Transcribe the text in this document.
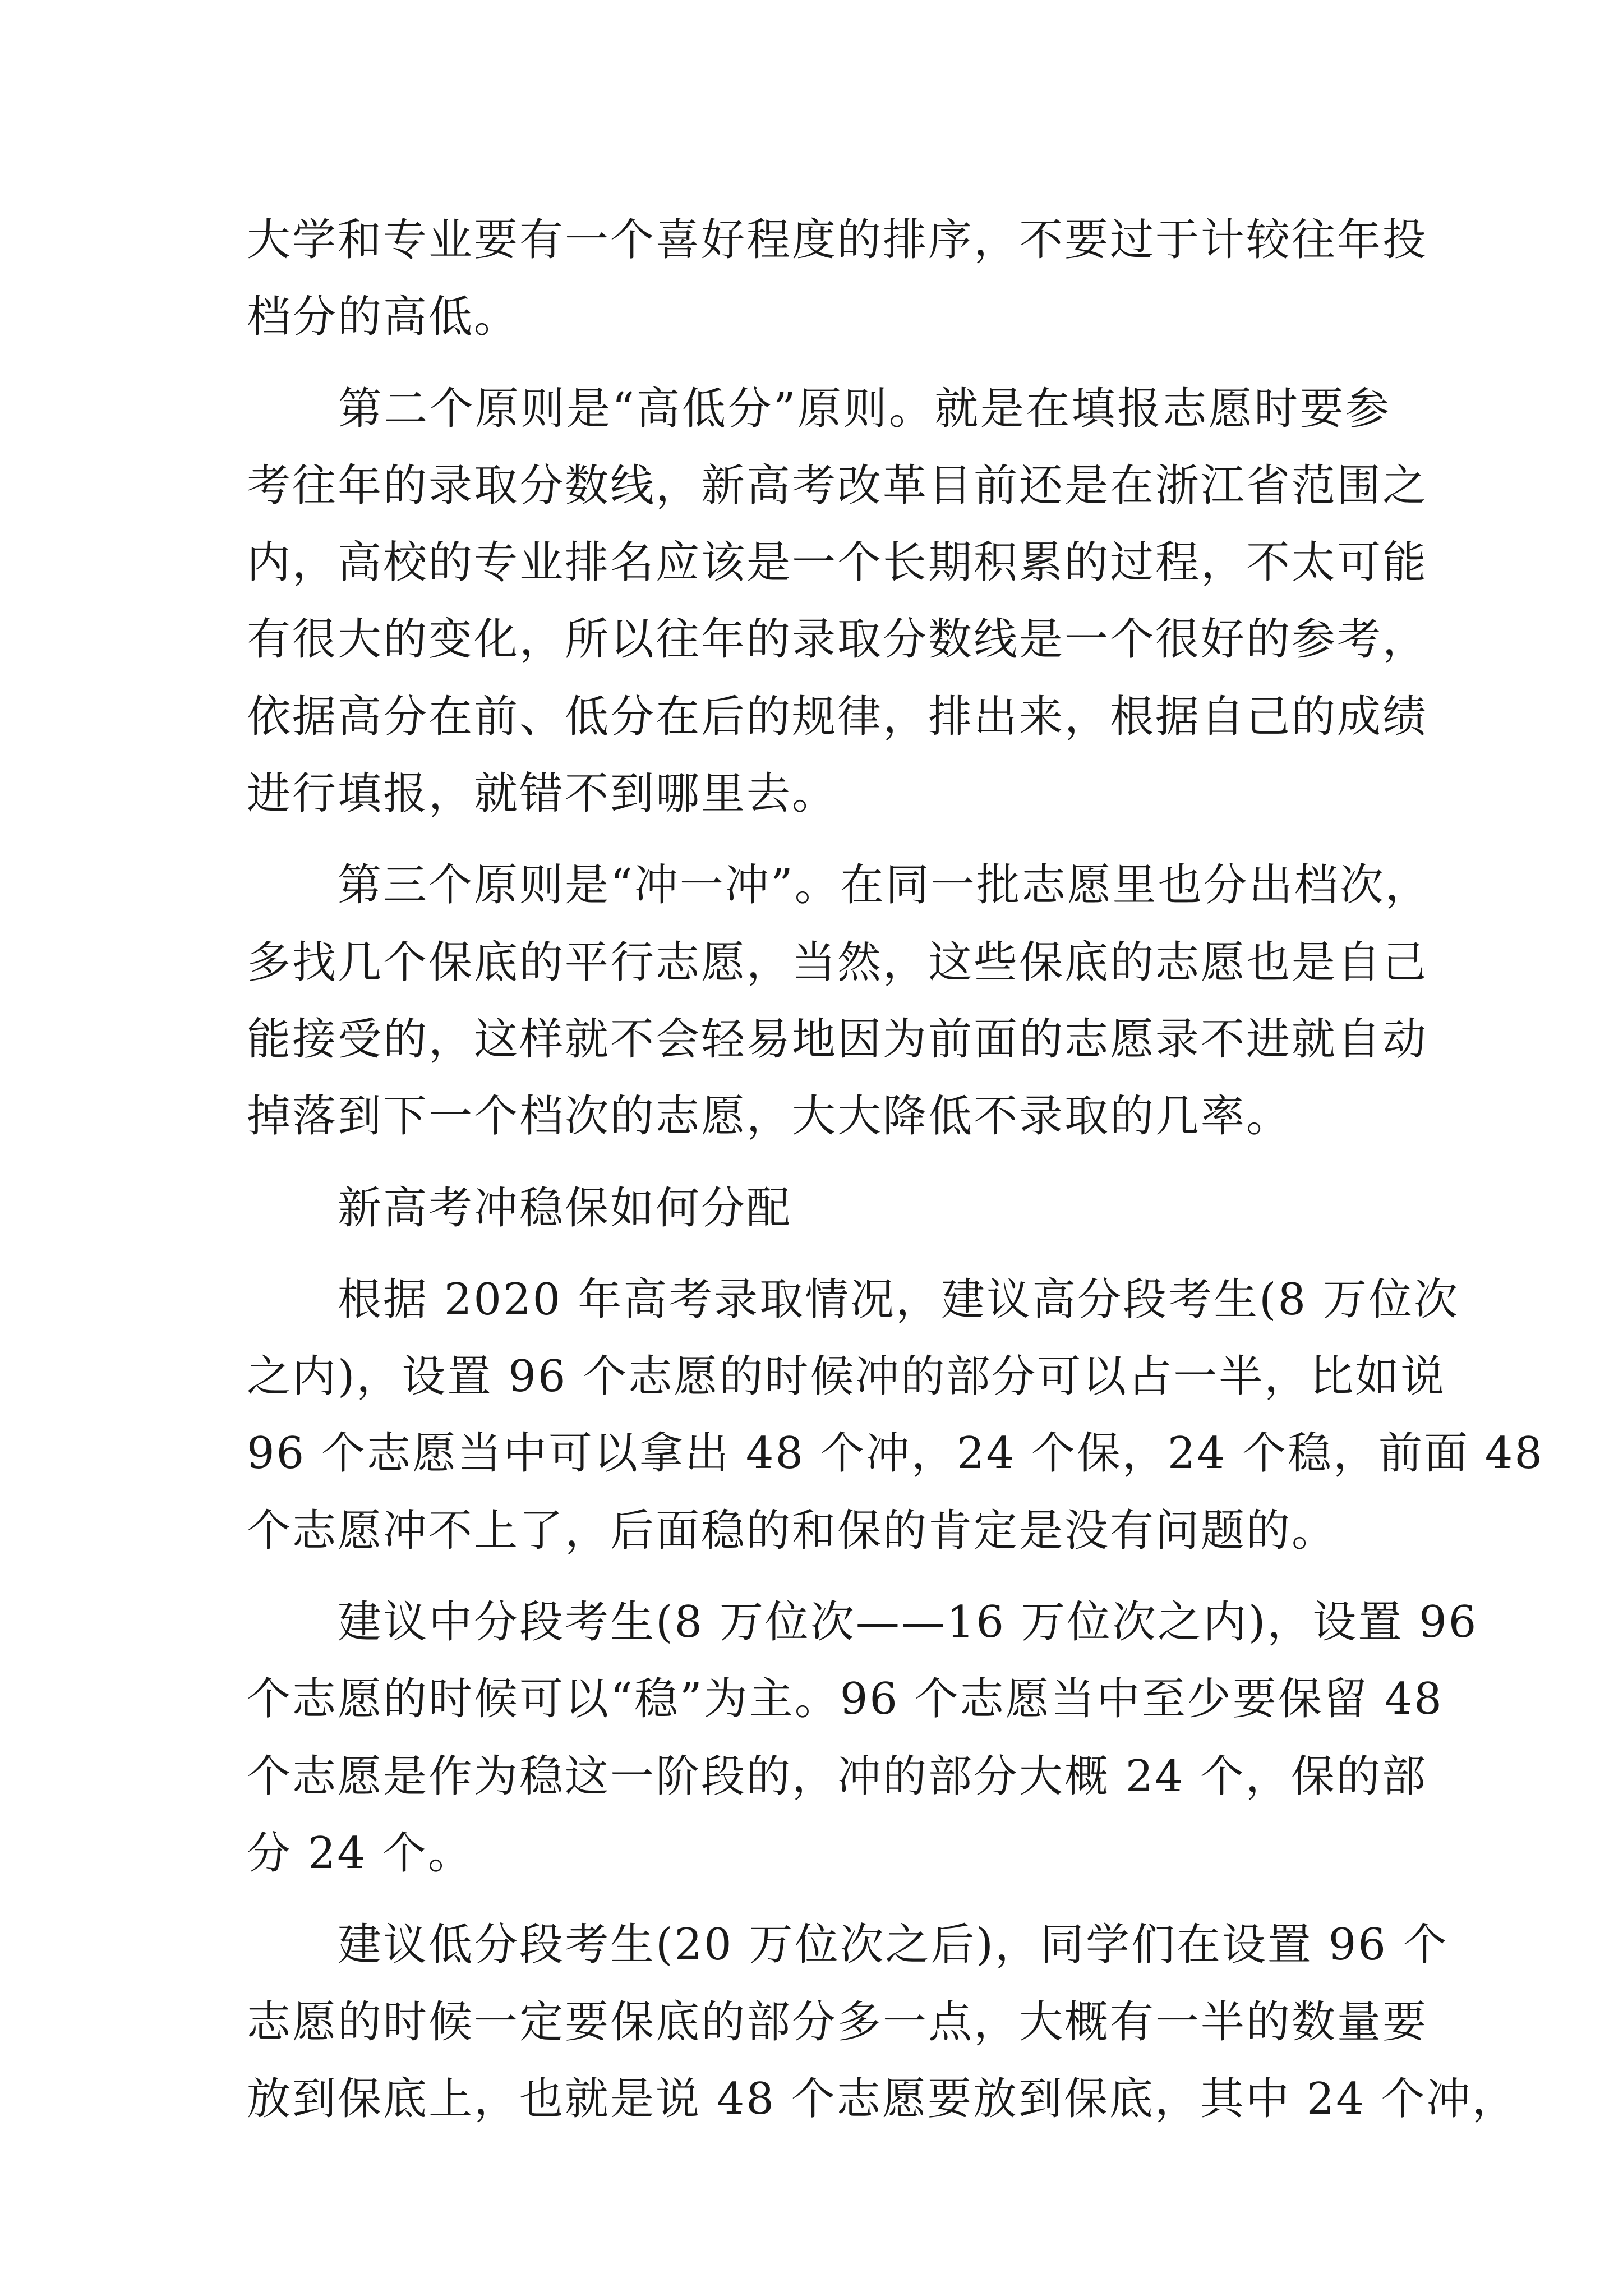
大学和专业要有一个喜好程度的排序，不要过于计较往年投
档分的高低。
　　第二个原则是“高低分”原则。就是在填报志愿时要参
考往年的录取分数线，新高考改革目前还是在浙江省范围之
内，高校的专业排名应该是一个长期积累的过程，不太可能
有很大的变化，所以往年的录取分数线是一个很好的参考，
依据高分在前、低分在后的规律，排出来，根据自己的成绩
进行填报，就错不到哪里去。
　　第三个原则是“冲一冲”。在同一批志愿里也分出档次，
多找几个保底的平行志愿，当然，这些保底的志愿也是自己
能接受的，这样就不会轻易地因为前面的志愿录不进就自动
掉落到下一个档次的志愿，大大降低不录取的几率。
　　新高考冲稳保如何分配
　　根据 2020 年高考录取情况，建议高分段考生(8 万位次
之内)，设置 96 个志愿的时候冲的部分可以占一半，比如说
96 个志愿当中可以拿出 48 个冲，24 个保，24 个稳，前面 48
个志愿冲不上了，后面稳的和保的肯定是没有问题的。
　　建议中分段考生(8 万位次——16 万位次之内)，设置 96
个志愿的时候可以“稳”为主。96 个志愿当中至少要保留 48
个志愿是作为稳这一阶段的，冲的部分大概 24 个，保的部
分 24 个。
　　建议低分段考生(20 万位次之后)，同学们在设置 96 个
志愿的时候一定要保底的部分多一点，大概有一半的数量要
放到保底上，也就是说 48 个志愿要放到保底，其中 24 个冲，
